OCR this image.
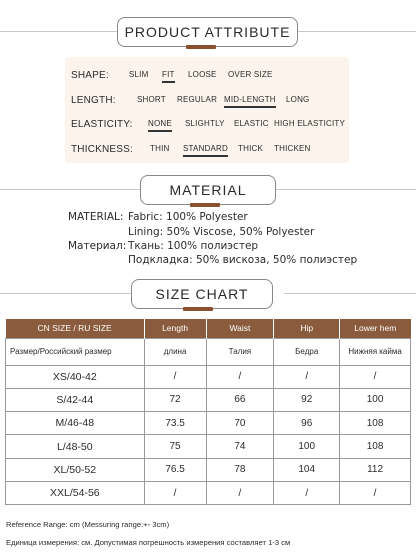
PRODUCT ATTRIBUTE
SHAPE:	SLIM FIT LOOSE OVER SIZE
LENGTH:	SHORT REGULAR MID-LENGTH LONG
ELASTICITY: NONE SLIGHTLY ELASTIC HIGH ELASTICITY
THICKNESS: THIN STANDARD THICK THICKEN
MATERIAL
MATERIAL: Fabric: 100% Polyester
Lining: 50% Viscose, 50% Polyester
Материал: Ткань: 100% полиэстер
Подкладка: 50% вискоза, 50% полиэстер
SIZE CHART
CN SIZE / RU SIZE	Length	Waist	Hip	Lower hem
Размер/Российский размер	длина	Талия	Бедра	Нижняя кайма
XS/40-42	/	/	/	/
S/42-44	72	66	92	100
M/46-48	73.5	70	96	108
L/48-50	75	74	100	108
XL/50-52	76.5	78	104	112
XXL/54-56	/	/	/	/
Reference Range: cm (Messuring range:+- 3cm)
Единица измерения: см. Допустимая погрешность измерения составляет 1-3 см
